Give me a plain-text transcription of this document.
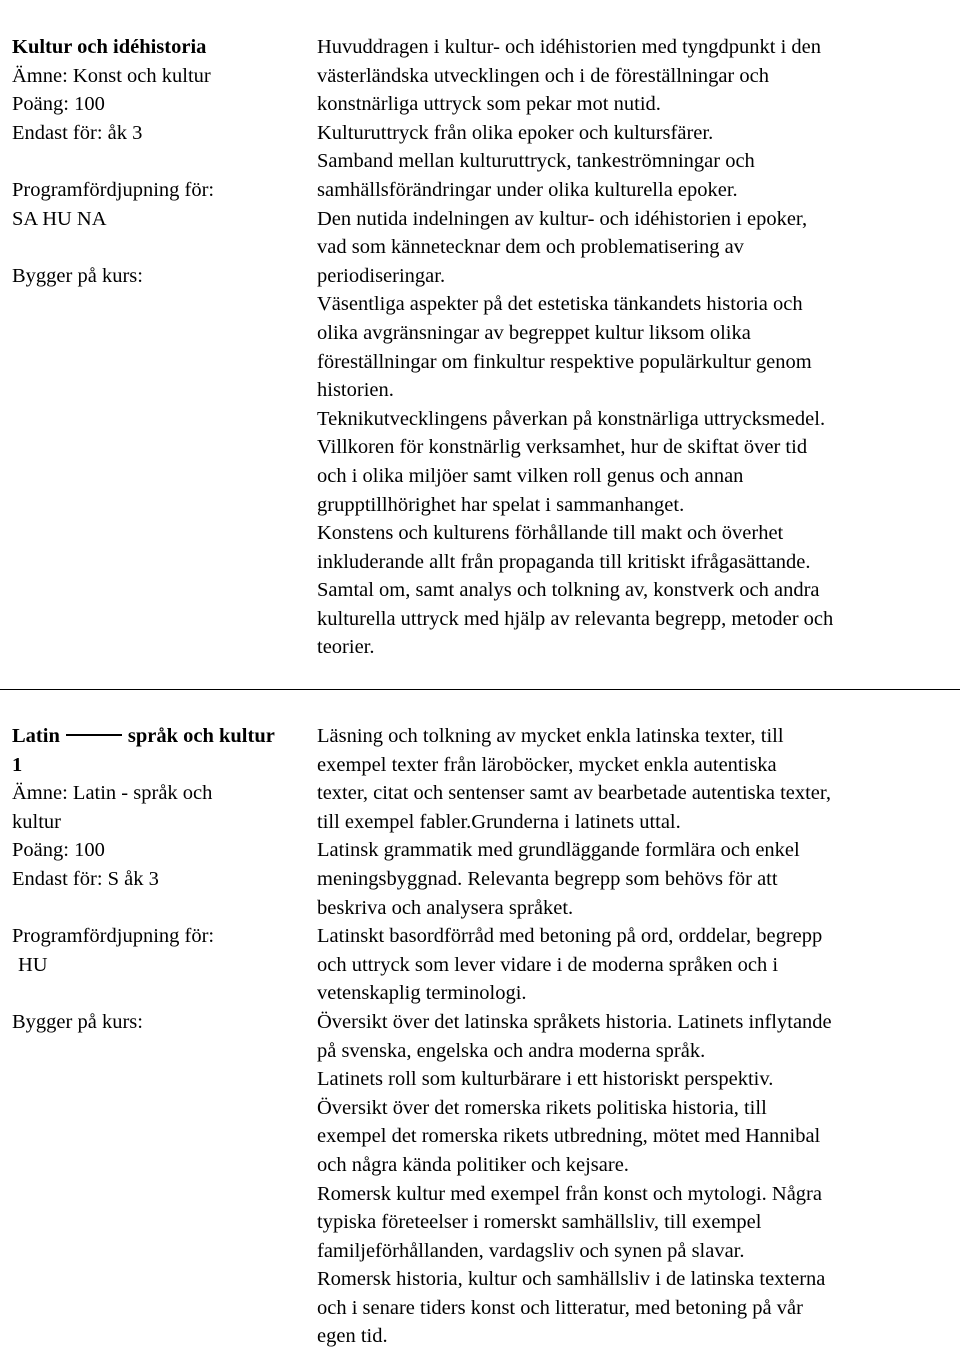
Kultur och idéhistoria
Ämne: Konst och kultur
Poäng: 100
Endast för: åk 3
Programfördjupning för:
SA HU NA
Bygger på kurs:
Huvuddragen i kultur- och idéhistorien med tyngdpunkt i den
västerländska utvecklingen och i de föreställningar och
konstnärliga uttryck som pekar mot nutid.
Kulturuttryck från olika epoker och kultursfärer.
Samband mellan kulturuttryck, tankeströmningar och
samhällsförändringar under olika kulturella epoker.
Den nutida indelningen av kultur- och idéhistorien i epoker,
vad som kännetecknar dem och problematisering av
periodiseringar.
Väsentliga aspekter på det estetiska tänkandets historia och
olika avgränsningar av begreppet kultur liksom olika
föreställningar om finkultur respektive populärkultur genom
historien.
Teknikutvecklingens påverkan på konstnärliga uttrycksmedel.
Villkoren för konstnärlig verksamhet, hur de skiftat över tid
och i olika miljöer samt vilken roll genus och annan
grupptillhörighet har spelat i sammanhanget.
Konstens och kulturens förhållande till makt och överhet
inkluderande allt från propaganda till kritiskt ifrågasättande.
Samtal om, samt analys och tolkning av, konstverk och andra
kulturella uttryck med hjälp av relevanta begrepp, metoder och
teorier.
Latin	språk och kultur
1
Ämne: Latin - språk och
kultur
Poäng: 100
Endast för: S åk 3
Programfördjupning för:
HU
Bygger på kurs:
Läsning och tolkning av mycket enkla latinska texter, till
exempel texter från läroböcker, mycket enkla autentiska
texter, citat och sentenser samt av bearbetade autentiska texter,
till exempel fabler.Grunderna i latinets uttal.
Latinsk grammatik med grundläggande formlära och enkel
meningsbyggnad. Relevanta begrepp som behövs för att
beskriva och analysera språket.
Latinskt basordförråd med betoning på ord, orddelar, begrepp
och uttryck som lever vidare i de moderna språken och i
vetenskaplig terminologi.
Översikt över det latinska språkets historia. Latinets inflytande
på svenska, engelska och andra moderna språk.
Latinets roll som kulturbärare i ett historiskt perspektiv.
Översikt över det romerska rikets politiska historia, till
exempel det romerska rikets utbredning, mötet med Hannibal
och några kända politiker och kejsare.
Romersk kultur med exempel från konst och mytologi. Några
typiska företeelser i romerskt samhällsliv, till exempel
familjeförhållanden, vardagsliv och synen på slavar.
Romersk historia, kultur och samhällsliv i de latinska texterna
och i senare tiders konst och litteratur, med betoning på vår
egen tid.
